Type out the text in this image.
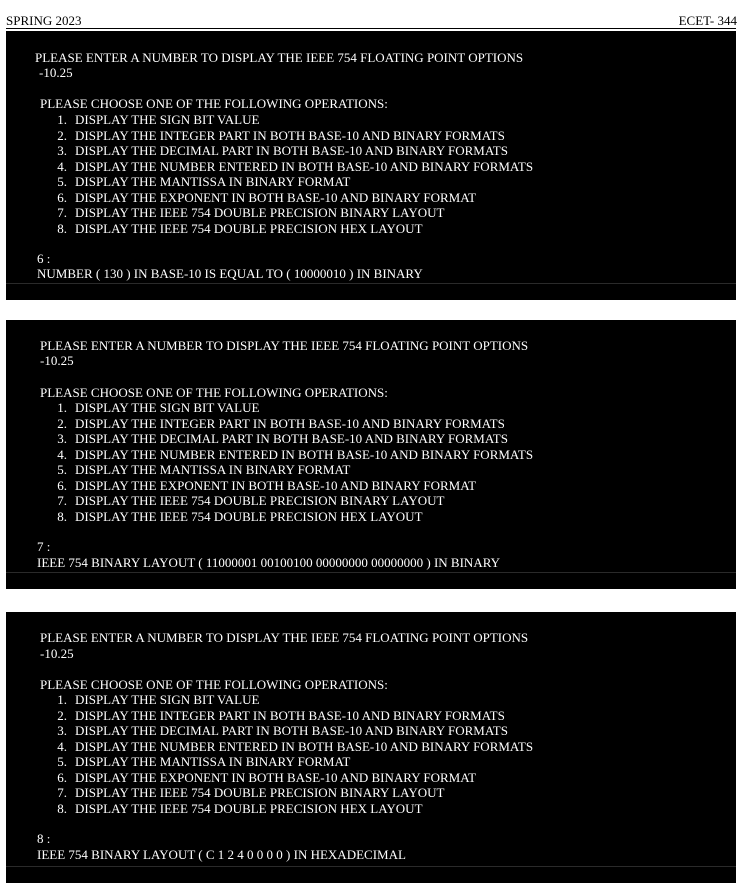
SPRING 2023	ECET- 344
PLEASE ENTER A NUMBER TO DISPLAY THE IEEE 754 FLOATING POINT OPTIONS
-10.25
PLEASE CHOOSE ONE OF THE FOLLOWING OPERATIONS:
1. DISPLAY THE SIGN BIT VALUE
2. DISPLAY THE INTEGER PART IN BOTH BASE-10 AND BINARY FORMATS
3. DISPLAY THE DECIMAL PART IN BOTH BASE-10 AND BINARY FORMATS
4. DISPLAY THE NUMBER ENTERED IN BOTH BASE-10 AND BINARY FORMATS
5. DISPLAY THE MANTISSA IN BINARY FORMAT
6. DISPLAY THE EXPONENT IN BOTH BASE-10 AND BINARY FORMAT
7. DISPLAY THE IEEE 754 DOUBLE PRECISION BINARY LAYOUT
8. DISPLAY THE IEEE 754 DOUBLE PRECISION HEX LAYOUT
6 :
NUMBER ( 130 ) IN BASE-10 IS EQUAL TO ( 10000010 ) IN BINARY
PLEASE ENTER A NUMBER TO DISPLAY THE IEEE 754 FLOATING POINT OPTIONS
-10.25
PLEASE CHOOSE ONE OF THE FOLLOWING OPERATIONS:
1. DISPLAY THE SIGN BIT VALUE
2. DISPLAY THE INTEGER PART IN BOTH BASE-10 AND BINARY FORMATS
3. DISPLAY THE DECIMAL PART IN BOTH BASE-10 AND BINARY FORMATS
4. DISPLAY THE NUMBER ENTERED IN BOTH BASE-10 AND BINARY FORMATS
5. DISPLAY THE MANTISSA IN BINARY FORMAT
6. DISPLAY THE EXPONENT IN BOTH BASE-10 AND BINARY FORMAT
7. DISPLAY THE IEEE 754 DOUBLE PRECISION BINARY LAYOUT
8. DISPLAY THE IEEE 754 DOUBLE PRECISION HEX LAYOUT
7 :
IEEE 754 BINARY LAYOUT ( 11000001 00100100 00000000 00000000 ) IN BINARY
PLEASE ENTER A NUMBER TO DISPLAY THE IEEE 754 FLOATING POINT OPTIONS
-10.25
PLEASE CHOOSE ONE OF THE FOLLOWING OPERATIONS:
1. DISPLAY THE SIGN BIT VALUE
2. DISPLAY THE INTEGER PART IN BOTH BASE-10 AND BINARY FORMATS
3. DISPLAY THE DECIMAL PART IN BOTH BASE-10 AND BINARY FORMATS
4. DISPLAY THE NUMBER ENTERED IN BOTH BASE-10 AND BINARY FORMATS
5. DISPLAY THE MANTISSA IN BINARY FORMAT
6. DISPLAY THE EXPONENT IN BOTH BASE-10 AND BINARY FORMAT
7. DISPLAY THE IEEE 754 DOUBLE PRECISION BINARY LAYOUT
8. DISPLAY THE IEEE 754 DOUBLE PRECISION HEX LAYOUT
8 :
IEEE 754 BINARY LAYOUT ( C 1 2 4 0 0 0 0 ) IN HEXADECIMAL
